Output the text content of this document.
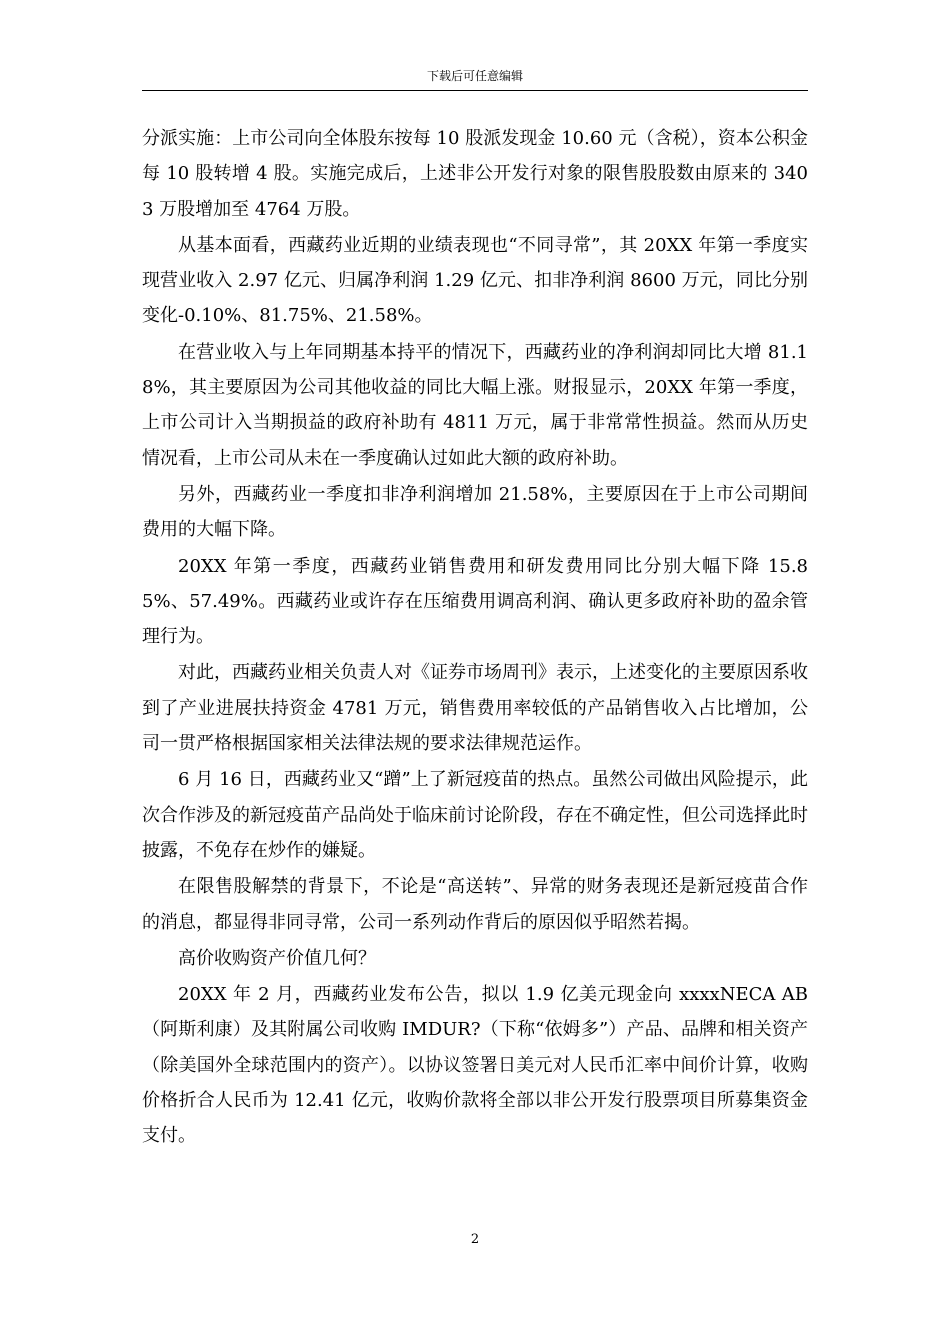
下载后可任意编辑

分派实施：上市公司向全体股东按每 10 股派发现金 10.60 元（含税），资本公积金每 10 股转增 4 股。实施完成后，上述非公开发行对象的限售股股数由原来的 3403 万股增加至 4764 万股。

从基本面看，西藏药业近期的业绩表现也“不同寻常”，其 20XX 年第一季度实现营业收入 2.97 亿元、归属净利润 1.29 亿元、扣非净利润 8600 万元，同比分别变化-0.10%、81.75%、21.58%。

在营业收入与上年同期基本持平的情况下，西藏药业的净利润却同比大增 81.18%，其主要原因为公司其他收益的同比大幅上涨。财报显示，20XX 年第一季度，上市公司计入当期损益的政府补助有 4811 万元，属于非常常性损益。然而从历史情况看，上市公司从未在一季度确认过如此大额的政府补助。

另外，西藏药业一季度扣非净利润增加 21.58%，主要原因在于上市公司期间费用的大幅下降。

20XX 年第一季度，西藏药业销售费用和研发费用同比分别大幅下降 15.85%、57.49%。西藏药业或许存在压缩费用调高利润、确认更多政府补助的盈余管理行为。

对此，西藏药业相关负责人对《证券市场周刊》表示，上述变化的主要原因系收到了产业进展扶持资金 4781 万元，销售费用率较低的产品销售收入占比增加，公司一贯严格根据国家相关法律法规的要求法律规范运作。

6 月 16 日，西藏药业又“蹭”上了新冠疫苗的热点。虽然公司做出风险提示，此次合作涉及的新冠疫苗产品尚处于临床前讨论阶段，存在不确定性，但公司选择此时披露，不免存在炒作的嫌疑。

在限售股解禁的背景下，不论是“高送转”、异常的财务表现还是新冠疫苗合作的消息，都显得非同寻常，公司一系列动作背后的原因似乎昭然若揭。

高价收购资产价值几何？

20XX 年 2 月，西藏药业发布公告，拟以 1.9 亿美元现金向 xxxxNECA AB（阿斯利康）及其附属公司收购 IMDUR?（下称“依姆多”）产品、品牌和相关资产（除美国外全球范围内的资产）。以协议签署日美元对人民币汇率中间价计算，收购价格折合人民币为 12.41 亿元，收购价款将全部以非公开发行股票项目所募集资金支付。

2
